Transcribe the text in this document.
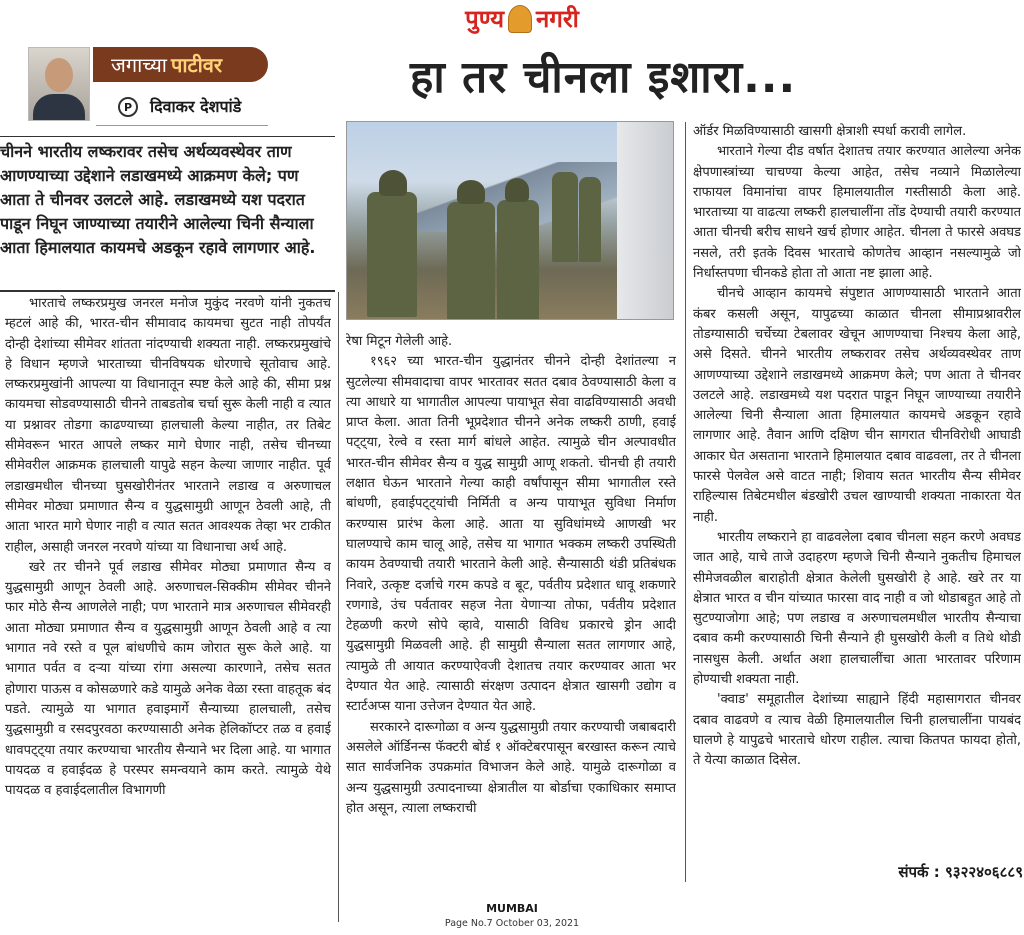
पुण्य नगरी
हा तर चीनला इशारा...
जगाच्या पाटीवर
P	दिवाकर देशपांडे
चीनने भारतीय लष्करावर तसेच अर्थव्यवस्थेवर ताण आणण्याच्या उद्देशाने लडाखमध्ये आक्रमण केले; पण आता ते चीनवर उलटले आहे. लडाखमध्ये यश पदरात पाडून निघून जाण्याच्या तयारीने आलेल्या चिनी सैन्याला आता हिमालयात कायमचे अडकून रहावे लागणार आहे.

भारताचे लष्करप्रमुख जनरल मनोज मुकुंद नरवणे यांनी नुकतच म्हटलं आहे की, भारत-चीन सीमावाद कायमचा सुटत नाही तोपर्यंत दोन्ही देशांच्या सीमेवर शांतता नांदण्याची शक्यता नाही. लष्करप्रमुखांचे हे विधान म्हणजे भारताच्या चीनविषयक धोरणाचे सूतोवाच आहे. लष्करप्रमुखांनी आपल्या या विधानातून स्पष्ट केले आहे की, सीमा प्रश्न कायमचा सोडवण्यासाठी चीनने ताबडतोब चर्चा सुरू केली नाही व त्यात या प्रश्नावर तोडगा काढण्याच्या हालचाली केल्या नाहीत, तर तिबेट सीमेवरून भारत आपले लष्कर मागे घेणार नाही, तसेच चीनच्या सीमेवरील आक्रमक हालचाली यापुढे सहन केल्या जाणार नाहीत. पूर्व लडाखमधील चीनच्या घुसखोरीनंतर भारताने लडाख व अरुणाचल सीमेवर मोठ्या प्रमाणात सैन्य व युद्धसामुग्री आणून ठेवली आहे, ती आता भारत मागे घेणार नाही व त्यात सतत आवश्यक तेव्हा भर टाकीत राहील, असाही जनरल नरवणे यांच्या या विधानाचा अर्थ आहे.

खरे तर चीनने पूर्व लडाख सीमेवर मोठ्या प्रमाणात सैन्य व युद्धसामुग्री आणून ठेवली आहे. अरुणाचल-सिक्कीम सीमेवर चीनने फार मोठे सैन्य आणलेले नाही; पण भारताने मात्र अरुणाचल सीमेवरही आता मोठ्या प्रमाणात सैन्य व युद्धसामुग्री आणून ठेवली आहे व त्या भागात नवे रस्ते व पूल बांधणीचे काम जोरात सुरू केले आहे. या भागात पर्वत व दऱ्या यांच्या रांगा असल्या कारणाने, तसेच सतत होणारा पाऊस व कोसळणारे कडे यामुळे अनेक वेळा रस्ता वाहतूक बंद पडते. त्यामुळे या भागात हवाइमार्गे सैन्याच्या हालचाली, तसेच युद्धसामुग्री व रसदपुरवठा करण्यासाठी अनेक हेलिकॉप्टर तळ व हवाई धावपट्ट्या तयार करण्याचा भारतीय सैन्याने भर दिला आहे. या भागात पायदळ व हवाईदळ हे परस्पर समन्वयाने काम करते. त्यामुळे येथे पायदळ व हवाईदलातील विभागणी

रेषा मिटून गेलेली आहे.

१९६२ च्या भारत-चीन युद्धानंतर चीनने दोन्ही देशांतल्या न सुटलेल्या सीमवादाचा वापर भारतावर सतत दबाव ठेवण्यासाठी केला व त्या आधारे या भागातील आपल्या पायाभूत सेवा वाढविण्यासाठी अवधी प्राप्त केला. आता तिनी भूप्रदेशात चीनने अनेक लष्करी ठाणी, हवाई पट्ट्या, रेल्वे व रस्ता मार्ग बांधले आहेत. त्यामुळे चीन अल्पावधीत भारत-चीन सीमेवर सैन्य व युद्ध सामुग्री आणू शकतो. चीनची ही तयारी लक्षात घेऊन भारताने गेल्या काही वर्षांपासून सीमा भागातील रस्ते बांधणी, हवाईपट्ट्यांची निर्मिती व अन्य पायाभूत सुविधा निर्माण करण्यास प्रारंभ केला आहे. आता या सुविधांमध्ये आणखी भर घालण्याचे काम चालू आहे, तसेच या भागात भक्कम लष्करी उपस्थिती कायम ठेवण्याची तयारी भारताने केली आहे. सैन्यासाठी थंडी प्रतिबंधक निवारे, उत्कृष्ट दर्जाचे गरम कपडे व बूट, पर्वतीय प्रदेशात धावू शकणारे रणगाडे, उंच पर्वतावर सहज नेता येणाऱ्या तोफा, पर्वतीय प्रदेशात टेहळणी करणे सोपे व्हावे, यासाठी विविध प्रकारचे ड्रोन आदी युद्धसामुग्री मिळवली आहे. ही सामुग्री सैन्याला सतत लागणार आहे, त्यामुळे ती आयात करण्याऐवजी देशातच तयार करण्यावर आता भर देण्यात येत आहे. त्यासाठी संरक्षण उत्पादन क्षेत्रात खासगी उद्योग व स्टार्टअप्स याना उत्तेजन देण्यात येत आहे.

सरकारने दारूगोळा व अन्य युद्धसामुग्री तयार करण्याची जबाबदारी असलेले ऑर्डिनन्स फॅक्टरी बोर्ड १ ऑक्टेबरपासून बरखास्त करून त्याचे सात सार्वजनिक उपक्रमांत विभाजन केले आहे. यामुळे दारूगोळा व अन्य युद्धसामुग्री उत्पादनाच्या क्षेत्रातील या बोर्डाचा एकाधिकार समाप्त होत असून, त्याला लष्कराची

ऑर्डर मिळविण्यासाठी खासगी क्षेत्राशी स्पर्धा करावी लागेल.

भारताने गेल्या दीड वर्षात देशातच तयार करण्यात आलेल्या अनेक क्षेपणास्त्रांच्या चाचण्या केल्या आहेत, तसेच नव्याने मिळालेल्या राफायल विमानांचा वापर हिमालयातील गस्तीसाठी केला आहे. भारताच्या या वाढत्या लष्करी हालचालींना तोंड देण्याची तयारी करण्यात आता चीनची बरीच साधने खर्च होणार आहेत. चीनला ते फारसे अवघड नसले, तरी इतके दिवस भारताचे कोणतेच आव्हान नसल्यामुळे जो निर्धास्तपणा चीनकडे होता तो आता नष्ट झाला आहे.

चीनचे आव्हान कायमचे संपुष्टात आणण्यासाठी भारताने आता कंबर कसली असून, यापुढच्या काळात चीनला सीमाप्रश्नावरील तोडग्यासाठी चर्चेच्या टेबलावर खेचून आणण्याचा निश्चय केला आहे, असे दिसते. चीनने भारतीय लष्करावर तसेच अर्थव्यवस्थेवर ताण आणण्याच्या उद्देशाने लडाखमध्ये आक्रमण केले; पण आता ते चीनवर उलटले आहे. लडाखमध्ये यश पदरात पाडून निघून जाण्याच्या तयारीने आलेल्या चिनी सैन्याला आता हिमालयात कायमचे अडकून रहावे लागणार आहे. तैवान आणि दक्षिण चीन सागरात चीनविरोधी आघाडी आकार घेत असताना भारताने हिमालयात दबाव वाढवला, तर ते चीनला फारसे पेलवेल असे वाटत नाही; शिवाय सतत भारतीय सैन्य सीमेवर राहिल्यास तिबेटमधील बंडखोरी उचल खाण्याची शक्यता नाकारता येत नाही.

भारतीय लष्कराने हा वाढवलेला दबाव चीनला सहन करणे अवघड जात आहे, याचे ताजे उदाहरण म्हणजे चिनी सैन्याने नुकतीच हिमाचल सीमेजवळील बाराहोती क्षेत्रात केलेली घुसखोरी हे आहे. खरे तर या क्षेत्रात भारत व चीन यांच्यात फारसा वाद नाही व जो थोडाबहुत आहे तो सुटण्याजोगा आहे; पण लडाख व अरुणाचलमधील भारतीय सैन्याचा दबाव कमी करण्यासाठी चिनी सैन्याने ही घुसखोरी केली व तिथे थोडी नासधुस केली. अर्थात अशा हालचालींचा आता भारतावर परिणाम होण्याची शक्यता नाही.

'क्वाड' समूहातील देशांच्या साह्याने हिंदी महासागरात चीनवर दबाव वाढवणे व त्याच वेळी हिमालयातील चिनी हालचालींना पायबंद घालणे हे यापुढचे भारताचे धोरण राहील. त्याचा कितपत फायदा होतो, ते येत्या काळात दिसेल.

संपर्क : ९३२२४०६८८९
MUMBAI
Page No.7 October 03, 2021
